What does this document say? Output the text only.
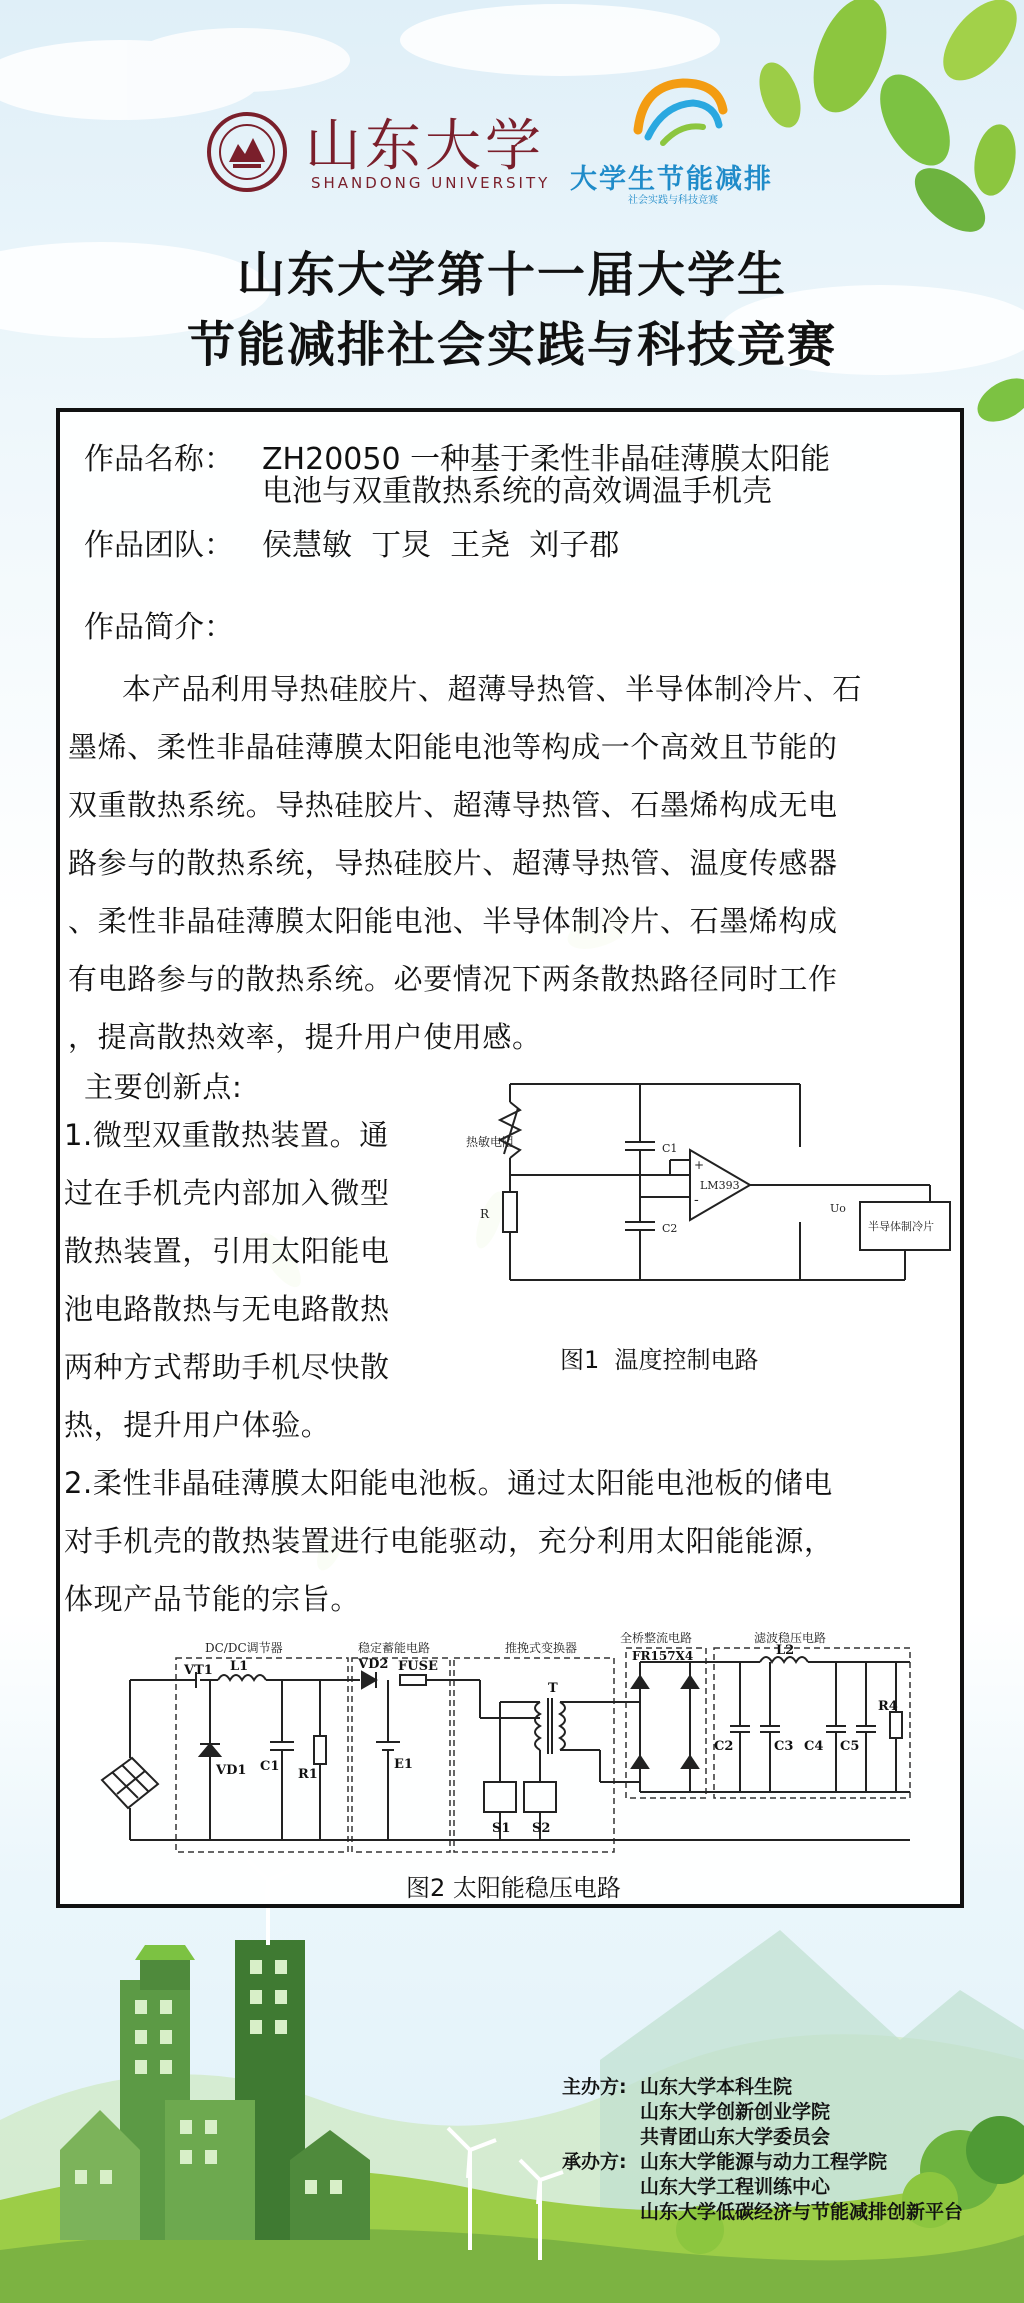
山东大学
SHANDONG UNIVERSITY 大学生节能减排
社会实践与科技竞赛
山东大学第十一届大学生
节能减排社会实践与科技竞赛
作品名称： ZH20050 一种基于柔性非晶硅薄膜太阳能
电池与双重散热系统的高效调温手机壳
作品团队： 侯慧敏  丁炅  王尧  刘子郡
作品简介：
本产品利用导热硅胶片、超薄导热管、半导体制冷片、石
墨烯、柔性非晶硅薄膜太阳能电池等构成一个高效且节能的
双重散热系统。导热硅胶片、超薄导热管、石墨烯构成无电
路参与的散热系统，导热硅胶片、超薄导热管、温度传感器
、柔性非晶硅薄膜太阳能电池、半导体制冷片、石墨烯构成
有电路参与的散热系统。必要情况下两条散热路径同时工作
，提高散热效率，提升用户使用感。
主要创新点:
1.微型双重散热装置。通
过在手机壳内部加入微型
散热装置，引用太阳能电
池电路散热与无电路散热
两种方式帮助手机尽快散
热，提升用户体验。
热敏电阻
R
C1
C2
+
-
LM393
Uo
半导体制冷片
图1  温度控制电路
2.柔性非晶硅薄膜太阳能电池板。通过太阳能电池板的储电
对手机壳的散热装置进行电能驱动，充分利用太阳能能源，
体现产品节能的宗旨。
DC/DC调节器	稳定蓄能电路	推挽式变换器
全桥整流电路	滤波稳压电路
VT1 L1
VD1 C1
R1
VD2 FUSE
E1
T
S1 S2
FR157X4	L2
C2	C3 C4 C5
R4
图2 太阳能稳压电路
主办方: 山东大学本科生院
山东大学创新创业学院
共青团山东大学委员会
承办方: 山东大学能源与动力工程学院
山东大学工程训练中心
山东大学低碳经济与节能减排创新平台
